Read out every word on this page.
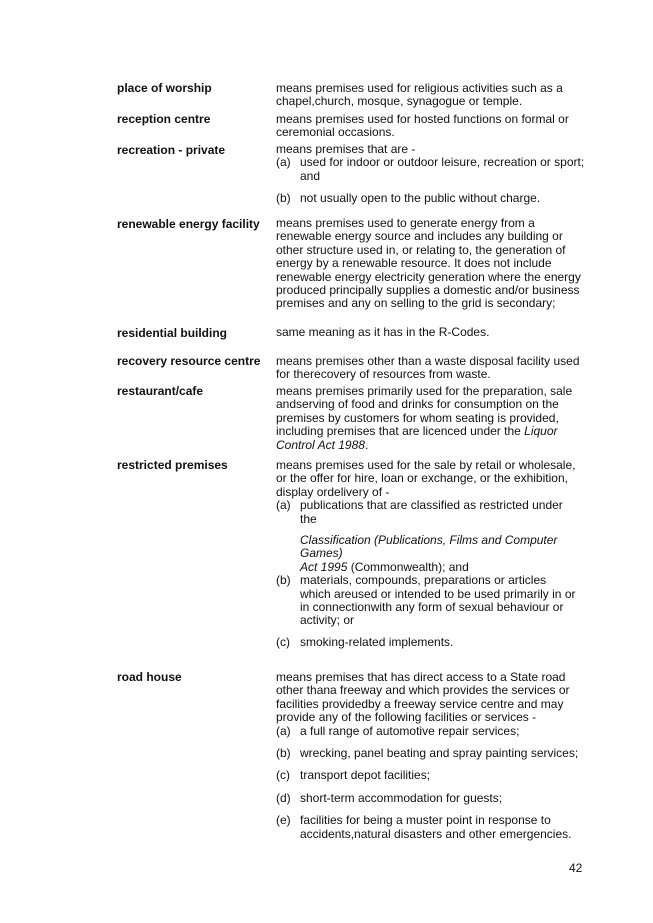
place of worship	means premises used for religious activities such as a
chapel,church, mosque, synagogue or temple.
reception centre	means premises used for hosted functions on formal or
ceremonial occasions.
recreation - private	means premises that are -
(a) used for indoor or outdoor leisure, recreation or sport;
and
(b) not usually open to the public without charge.
renewable energy facility	means premises used to generate energy from a
renewable energy source and includes any building or
other structure used in, or relating to, the generation of
energy by a renewable resource. It does not include
renewable energy electricity generation where the energy
produced principally supplies a domestic and/or business
premises and any on selling to the grid is secondary;
residential building	same meaning as it has in the R-Codes.
recovery resource centre	means premises other than a waste disposal facility used
for therecovery of resources from waste.
restaurant/cafe	means premises primarily used for the preparation, sale
andserving of food and drinks for consumption on the
premises by customers for whom seating is provided,
including premises that are licenced under the Liquor
Control Act 1988.
restricted premises	means premises used for the sale by retail or wholesale,
or the offer for hire, loan or exchange, or the exhibition,
display ordelivery of -
(a) publications that are classified as restricted under
the
Classification (Publications, Films and Computer
Games)
Act 1995 (Commonwealth); and
(b) materials, compounds, preparations or articles
which areused or intended to be used primarily in or
in connectionwith any form of sexual behaviour or
activity; or
(c) smoking-related implements.
road house	means premises that has direct access to a State road
other thana freeway and which provides the services or
facilities providedby a freeway service centre and may
provide any of the following facilities or services -
(a) a full range of automotive repair services;
(b) wrecking, panel beating and spray painting services;
(c) transport depot facilities;
(d) short-term accommodation for guests;
(e) facilities for being a muster point in response to
accidents,natural disasters and other emergencies.
42
